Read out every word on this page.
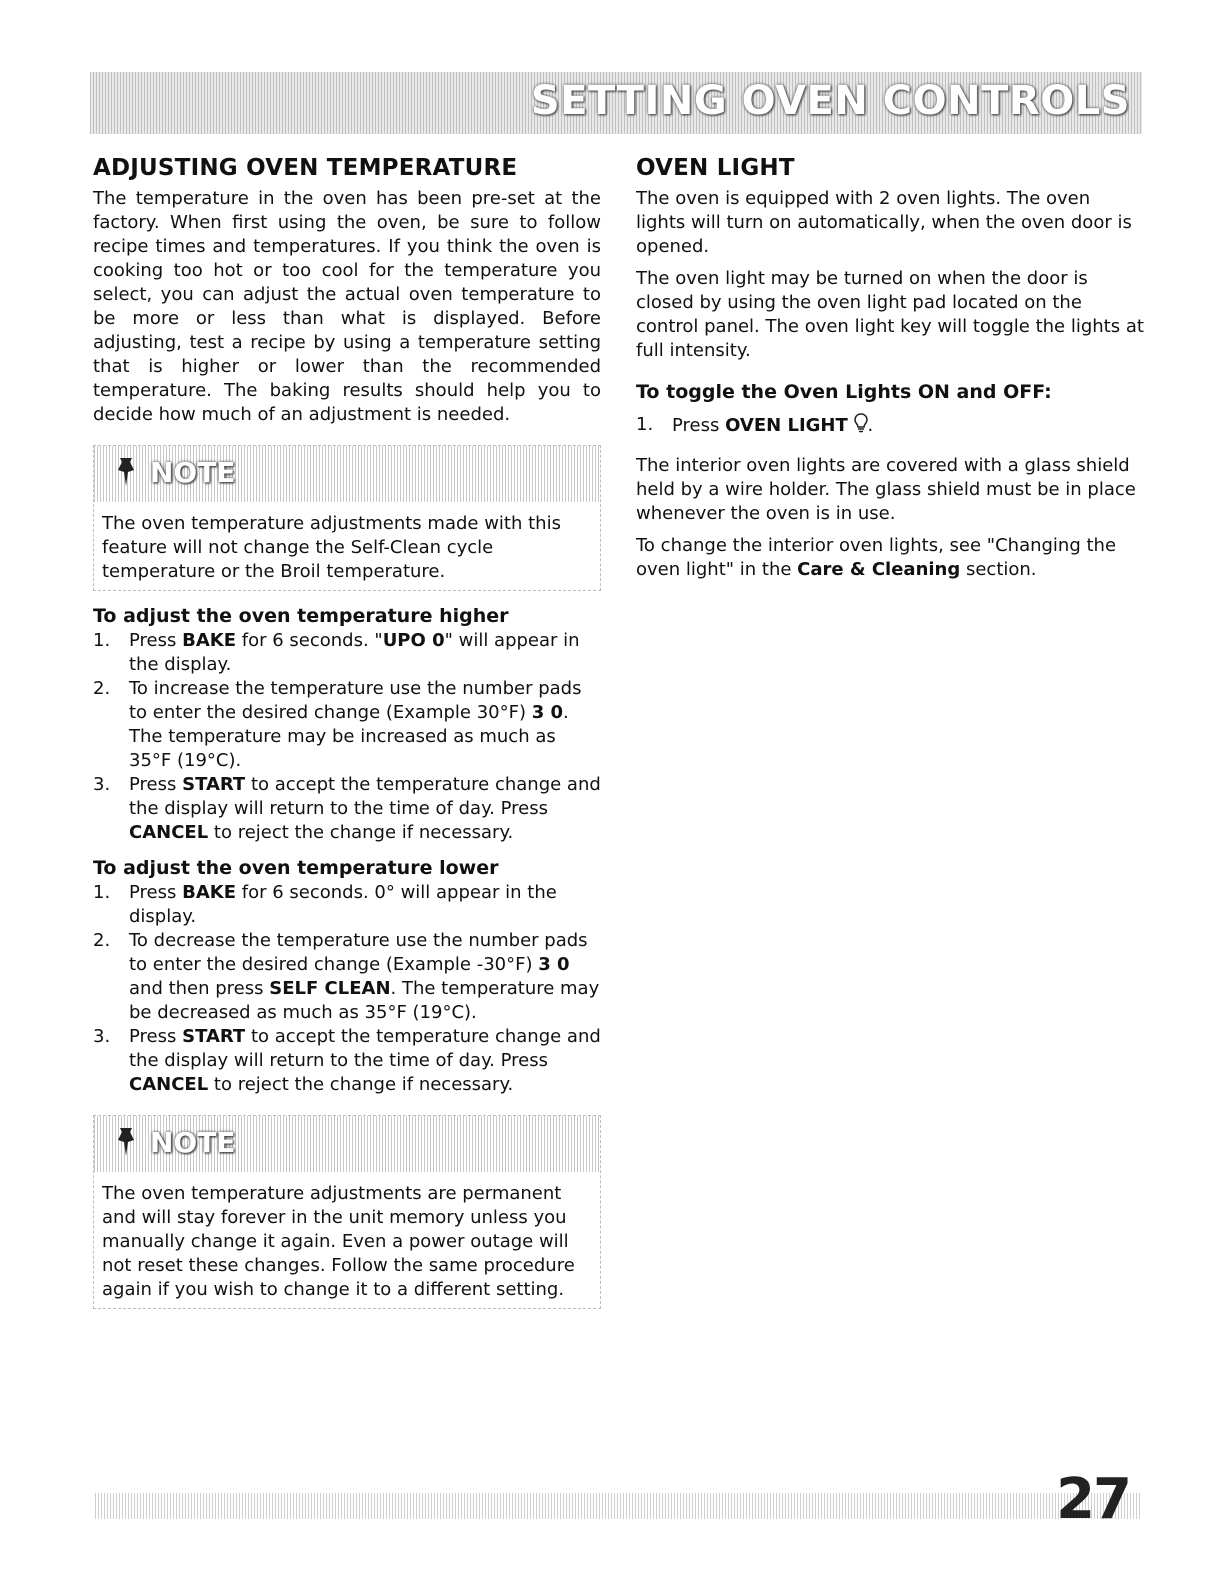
SETTING OVEN CONTROLS
ADJUSTING OVEN TEMPERATURE

The temperature in the oven has been pre-set at the factory. When first using the oven, be sure to follow recipe times and temperatures. If you think the oven is cooking too hot or too cool for the temperature you select, you can adjust the actual oven temperature to be more or less than what is displayed. Before adjusting, test a recipe by using a temperature setting that is higher or lower than the recommended temperature. The baking results should help you to decide how much of an adjustment is needed.

NOTE
The oven temperature adjustments made with this feature will not change the Self-Clean cycle temperature or the Broil temperature.
To adjust the oven temperature higher
1. Press BAKE for 6 seconds. "UPO 0" will appear in the display.
2. To increase the temperature use the number pads to enter the desired change (Example 30°F) 3 0. The temperature may be increased as much as 35°F (19°C).
3. Press START to accept the temperature change and the display will return to the time of day. Press CANCEL to reject the change if necessary.
To adjust the oven temperature lower
1. Press BAKE for 6 seconds. 0° will appear in the display.
2. To decrease the temperature use the number pads to enter the desired change (Example -30°F) 3 0 and then press SELF CLEAN. The temperature may be decreased as much as 35°F (19°C).
3. Press START to accept the temperature change and the display will return to the time of day. Press CANCEL to reject the change if necessary.
NOTE
The oven temperature adjustments are permanent and will stay forever in the unit memory unless you manually change it again. Even a power outage will not reset these changes. Follow the same procedure again if you wish to change it to a different setting.
OVEN LIGHT

The oven is equipped with 2 oven lights. The oven lights will turn on automatically, when the oven door is opened.

The oven light may be turned on when the door is closed by using the oven light pad located on the control panel. The oven light key will toggle the lights at full intensity.

To toggle the Oven Lights ON and OFF:
1. Press OVEN LIGHT .

The interior oven lights are covered with a glass shield held by a wire holder. The glass shield must be in place whenever the oven is in use.

To change the interior oven lights, see "Changing the oven light" in the Care & Cleaning section.

27
